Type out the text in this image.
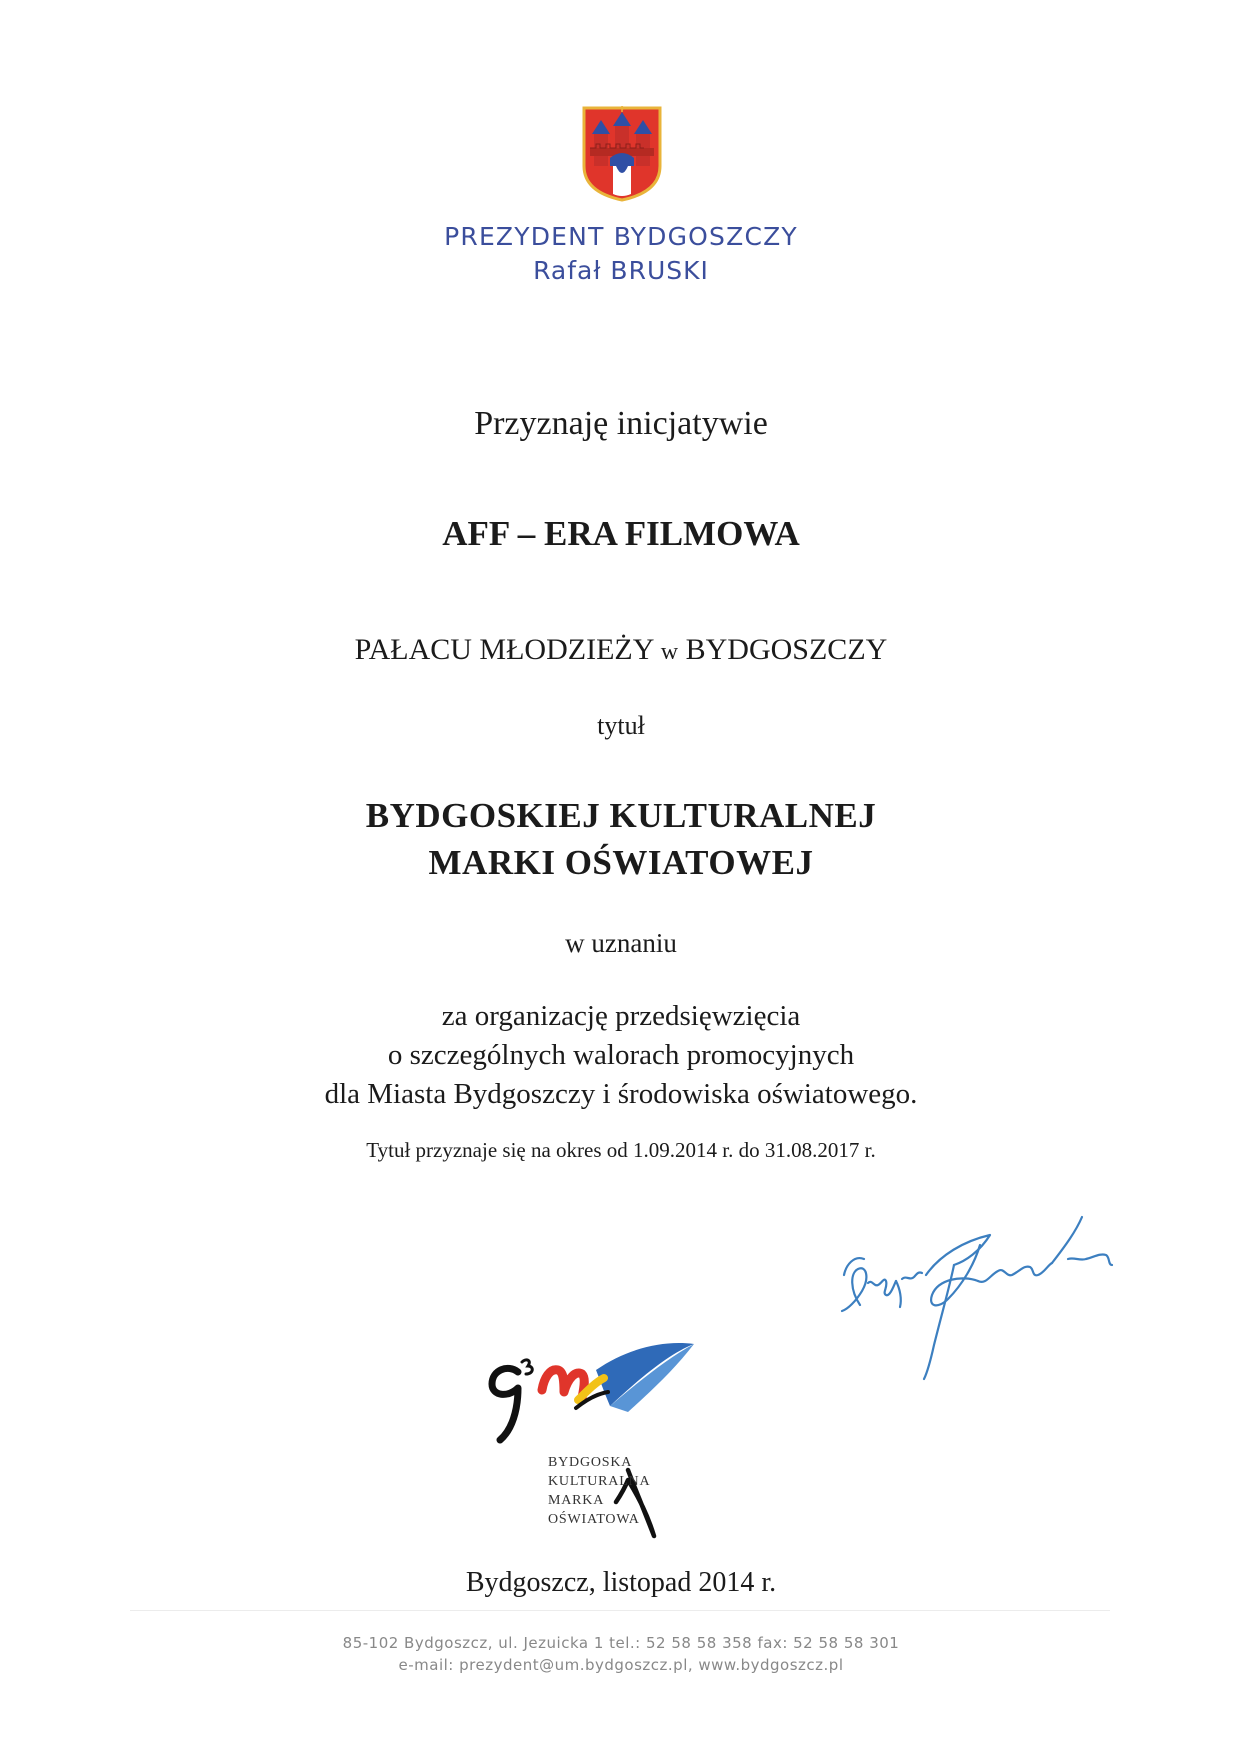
PREZYDENT BYDGOSZCZY
Rafał BRUSKI
Przyznaję inicjatywie
AFF – ERA FILMOWA
PAŁACU MŁODZIEŻY w BYDGOSZCZY
tytuł
BYDGOSKIEJ KULTURALNEJ
MARKI OŚWIATOWEJ
w uznaniu
za organizację przedsięwzięcia
o szczególnych walorach promocyjnych
dla Miasta Bydgoszczy i środowiska oświatowego.
Tytuł przyznaje się na okres od 1.09.2014 r. do 31.08.2017 r.
BYDGOSKA
KULTURALNA
MARKA
OŚWIATOWA
Bydgoszcz, listopad 2014 r.
85-102 Bydgoszcz, ul. Jezuicka 1 tel.: 52 58 58 358 fax: 52 58 58 301
e-mail: prezydent@um.bydgoszcz.pl, www.bydgoszcz.pl
